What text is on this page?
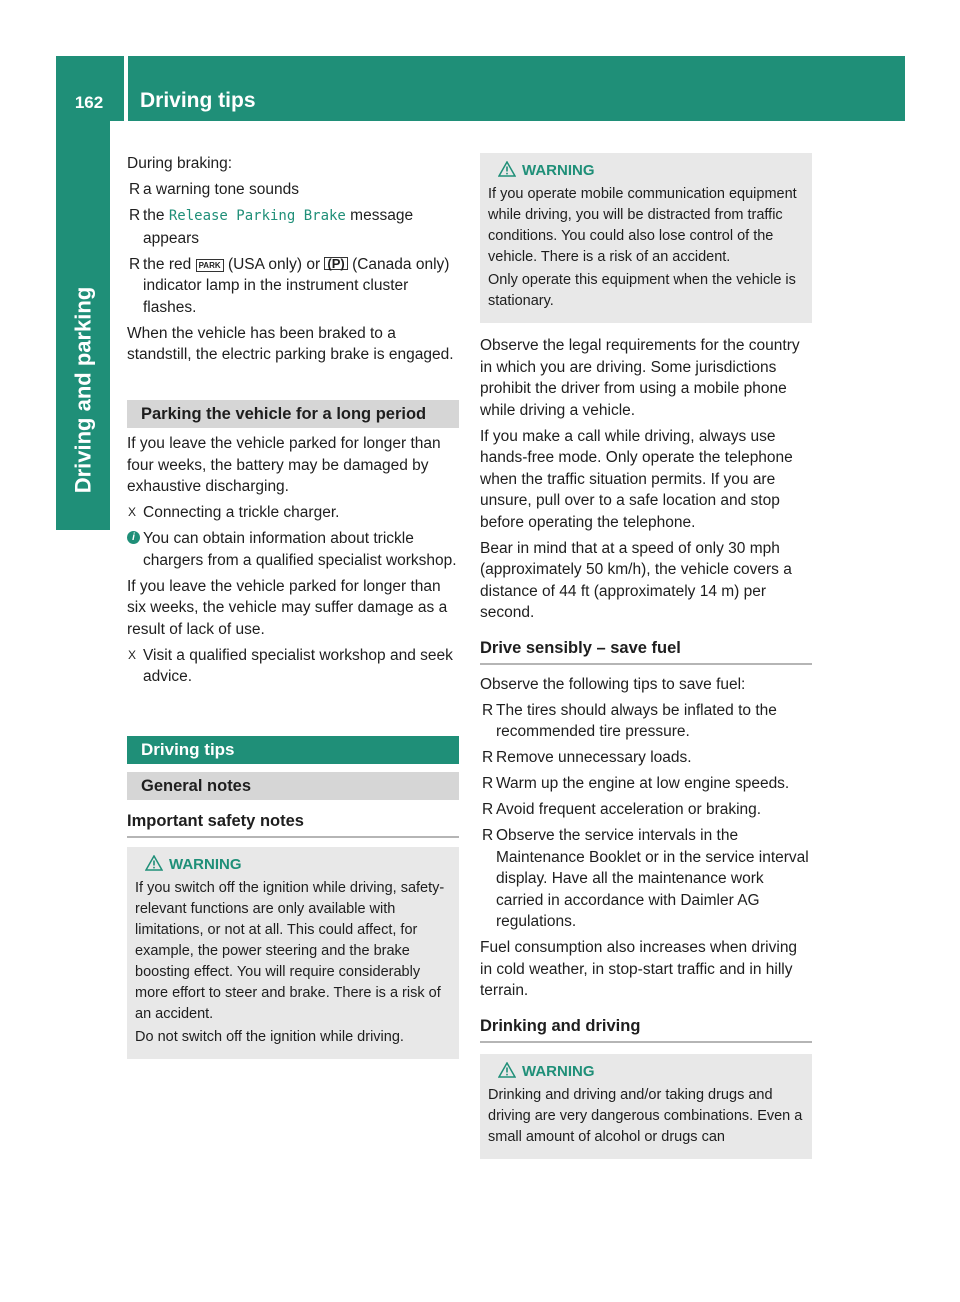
162	Driving tips
Driving and parking

During braking:

R a warning tone sounds
R the Release Parking Brake message appears
R the red PARK (USA only) or (P) (Canada only) indicator lamp in the instrument cluster flashes.

When the vehicle has been braked to a standstill, the electric parking brake is engaged.

Parking the vehicle for a long period

If you leave the vehicle parked for longer than four weeks, the battery may be damaged by exhaustive discharging.

X Connecting a trickle charger.
i You can obtain information about trickle chargers from a qualified specialist workshop.

If you leave the vehicle parked for longer than six weeks, the vehicle may suffer damage as a result of lack of use.

X Visit a qualified specialist workshop and seek advice.
Driving tips
General notes
Important safety notes
WARNING

If you switch off the ignition while driving, safety-relevant functions are only available with limitations, or not at all. This could affect, for example, the power steering and the brake boosting effect. You will require considerably more effort to steer and brake. There is a risk of an accident.

Do not switch off the ignition while driving.

WARNING

If you operate mobile communication equipment while driving, you will be distracted from traffic conditions. You could also lose control of the vehicle. There is a risk of an accident.

Only operate this equipment when the vehicle is stationary.

Observe the legal requirements for the country in which you are driving. Some jurisdictions prohibit the driver from using a mobile phone while driving a vehicle.

If you make a call while driving, always use hands-free mode. Only operate the telephone when the traffic situation permits. If you are unsure, pull over to a safe location and stop before operating the telephone.

Bear in mind that at a speed of only 30 mph (approximately 50 km/h), the vehicle covers a distance of 44 ft (approximately 14 m) per second.

Drive sensibly – save fuel

Observe the following tips to save fuel:

R The tires should always be inflated to the recommended tire pressure.
R Remove unnecessary loads.
R Warm up the engine at low engine speeds.
R Avoid frequent acceleration or braking.
R Observe the service intervals in the Maintenance Booklet or in the service interval display. Have all the maintenance work carried in accordance with Daimler AG regulations.

Fuel consumption also increases when driving in cold weather, in stop-start traffic and in hilly terrain.

Drinking and driving
WARNING

Drinking and driving and/or taking drugs and driving are very dangerous combinations. Even a small amount of alcohol or drugs can
